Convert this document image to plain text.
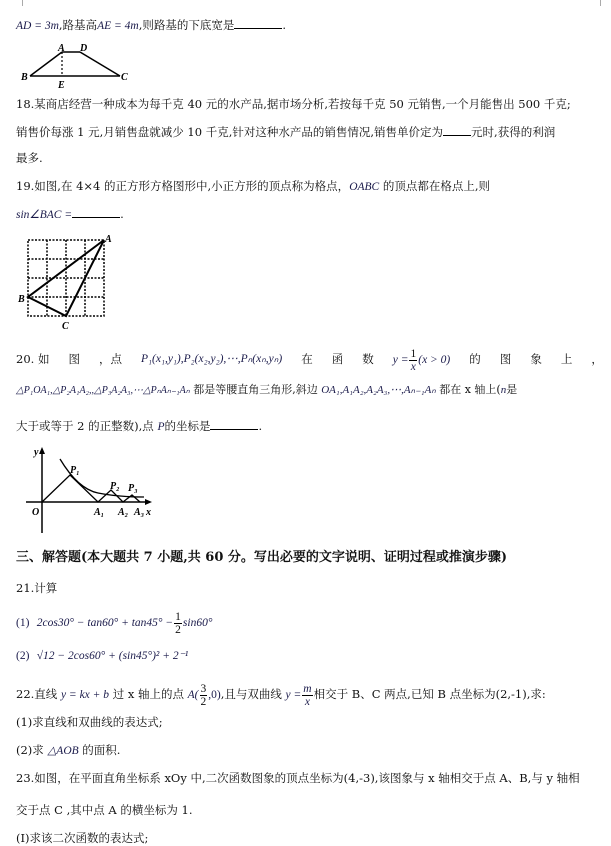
AD = 3m,路基高AE = 4m,则路基的下底宽是	.
A D
B
E
C
18.某商店经营一种成本为每千克 40 元的水产品,据市场分析,若按每千克 50 元销售,一个月能售出 500 千克;
销售价每涨 1 元,月销售盘就减少 10 千克,针对这种水产品的销售情况,销售单价定为 元时,获得的利润
最多.
19.如图,在 4×4 的正方形方格图形中,小正方形的顶点称为格点，OABC 的顶点都在格点上,则
sin∠BAC =	.
A
B
C
20. 如 图 ，点 P₁(x₁,y₁),P₂(x₂,y₂),⋯,Pₙ(xₙ,yₙ) 在 函 数 $y = \frac{1}{x} (x > 0)$ 的 图 象 上 ，
△P₁OA₁,△P₂A₁A₂,,△P₃A₂A₃,⋯△PₙAₙ₋₁Aₙ 都是等腰直角三角形,斜边 OA₁,A₁A₂,A₂A₃,⋯,Aₙ₋₁Aₙ 都在 x 轴上(n是
大于或等于 2 的正整数),点 P的坐标是	.
y
x
O
P₁
P₂ P₃
A₁ A₂ A₃
三、解答题(本大题共 7 小题,共 60 分。写出必要的文字说明、证明过程或推演步骤)
21.计算
(1) $2\cos 30^\circ - \tan 60^\circ + \tan 45^\circ - \frac{1}{2} \sin 60^\circ$
(2) √12 − 2cos60° + (sin45°)² + 2⁻¹
22.直线 y = kx + b 过 x 轴上的点 $A( \frac{3}{2} ,0)$,且与双曲线 $y = \frac{m}{x}$ 相交于 B、C 两点,已知 B 点坐标为(2,-1),求:
(1)求直线和双曲线的表达式;
(2)求 △AOB 的面积.
23.如图，在平面直角坐标系 xOy 中,二次函数图象的顶点坐标为(4,-3),该图象与 x 轴相交于点 A、B,与 y 轴相
交于点 C ,其中点 A 的横坐标为 1.
(I)求该二次函数的表达式;
